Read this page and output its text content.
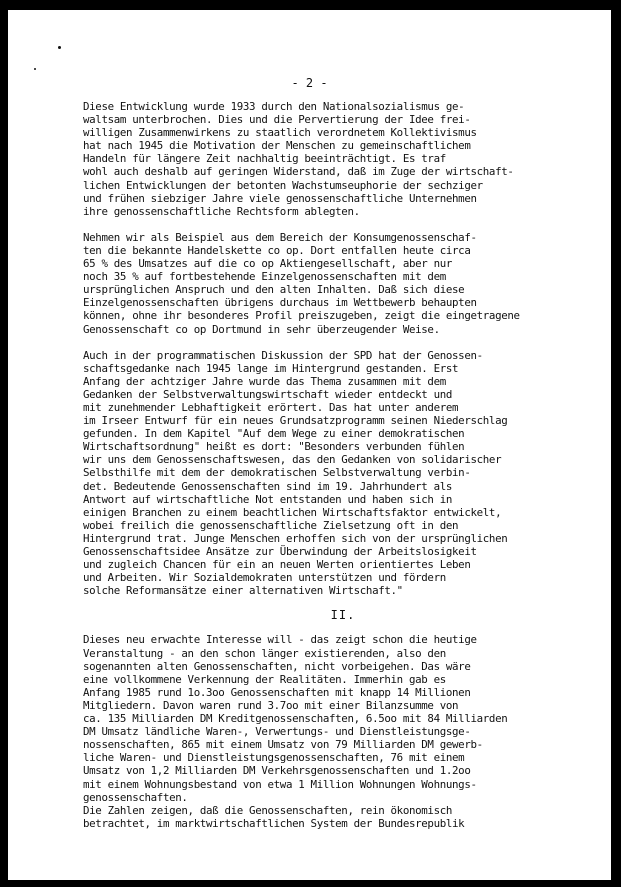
- 2 -
Diese Entwicklung wurde 1933 durch den Nationalsozialismus ge-
waltsam unterbrochen. Dies und die Pervertierung der Idee frei-
willigen Zusammenwirkens zu staatlich verordnetem Kollektivismus
hat nach 1945 die Motivation der Menschen zu gemeinschaftlichem
Handeln für längere Zeit nachhaltig beeinträchtigt. Es traf
wohl auch deshalb auf geringen Widerstand, daß im Zuge der wirtschaft-
lichen Entwicklungen der betonten Wachstumseuphorie der sechziger
und frühen siebziger Jahre viele genossenschaftliche Unternehmen
ihre genossenschaftliche Rechtsform ablegten.
Nehmen wir als Beispiel aus dem Bereich der Konsumgenossenschaf-
ten die bekannte Handelskette co op. Dort entfallen heute circa
65 % des Umsatzes auf die co op Aktiengesellschaft, aber nur
noch 35 % auf fortbestehende Einzelgenossenschaften mit dem
ursprünglichen Anspruch und den alten Inhalten. Daß sich diese
Einzelgenossenschaften übrigens durchaus im Wettbewerb behaupten
können, ohne ihr besonderes Profil preiszugeben, zeigt die eingetragene
Genossenschaft co op Dortmund in sehr überzeugender Weise.
Auch in der programmatischen Diskussion der SPD hat der Genossen-
schaftsgedanke nach 1945 lange im Hintergrund gestanden. Erst
Anfang der achtziger Jahre wurde das Thema zusammen mit dem
Gedanken der Selbstverwaltungswirtschaft wieder entdeckt und
mit zunehmender Lebhaftigkeit erörtert. Das hat unter anderem
im Irseer Entwurf für ein neues Grundsatzprogramm seinen Niederschlag
gefunden. In dem Kapitel "Auf dem Wege zu einer demokratischen
Wirtschaftsordnung" heißt es dort: "Besonders verbunden fühlen
wir uns dem Genossenschaftswesen, das den Gedanken von solidarischer
Selbsthilfe mit dem der demokratischen Selbstverwaltung verbin-
det. Bedeutende Genossenschaften sind im 19. Jahrhundert als
Antwort auf wirtschaftliche Not entstanden und haben sich in
einigen Branchen zu einem beachtlichen Wirtschaftsfaktor entwickelt,
wobei freilich die genossenschaftliche Zielsetzung oft in den
Hintergrund trat. Junge Menschen erhoffen sich von der ursprünglichen
Genossenschaftsidee Ansätze zur Überwindung der Arbeitslosigkeit
und zugleich Chancen für ein an neuen Werten orientiertes Leben
und Arbeiten. Wir Sozialdemokraten unterstützen und fördern
solche Reformansätze einer alternativen Wirtschaft."
II.
Dieses neu erwachte Interesse will - das zeigt schon die heutige
Veranstaltung - an den schon länger existierenden, also den
sogenannten alten Genossenschaften, nicht vorbeigehen. Das wäre
eine vollkommene Verkennung der Realitäten. Immerhin gab es
Anfang 1985 rund 1o.3oo Genossenschaften mit knapp 14 Millionen
Mitgliedern. Davon waren rund 3.7oo mit einer Bilanzsumme von
ca. 135 Milliarden DM Kreditgenossenschaften, 6.5oo mit 84 Milliarden
DM Umsatz ländliche Waren-, Verwertungs- und Dienstleistungsge-
nossenschaften, 865 mit einem Umsatz von 79 Milliarden DM gewerb-
liche Waren- und Dienstleistungsgenossenschaften, 76 mit einem
Umsatz von 1,2 Milliarden DM Verkehrsgenossenschaften und 1.2oo
mit einem Wohnungsbestand von etwa 1 Million Wohnungen Wohnungs-
genossenschaften.
Die Zahlen zeigen, daß die Genossenschaften, rein ökonomisch
betrachtet, im marktwirtschaftlichen System der Bundesrepublik
